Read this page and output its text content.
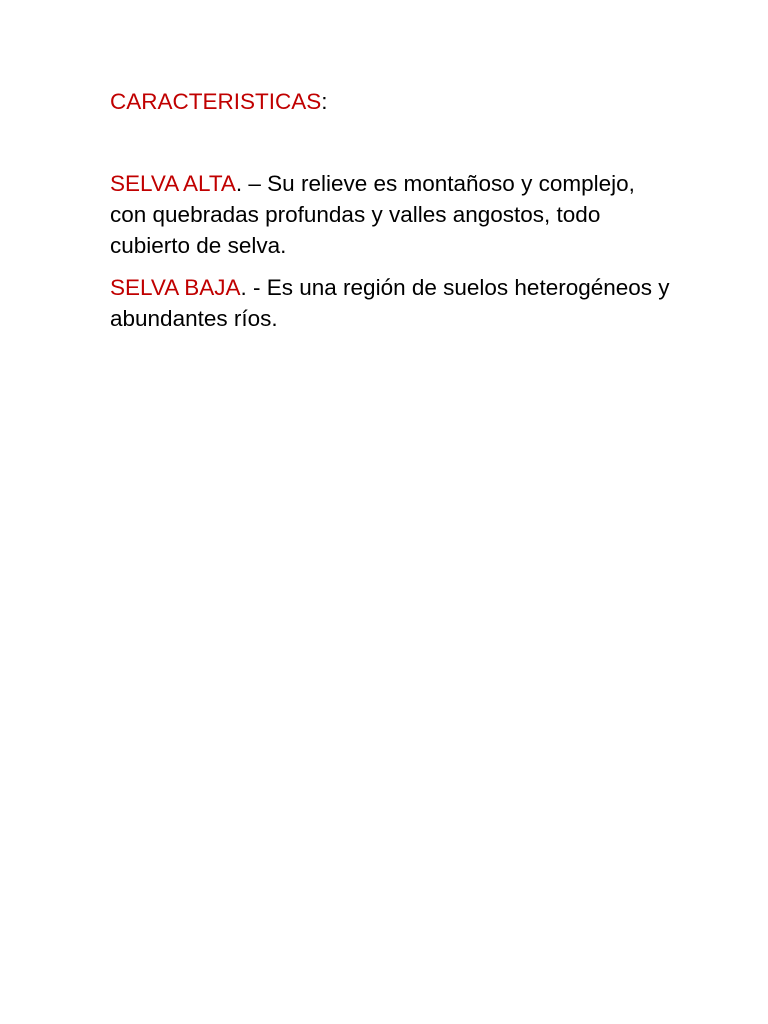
CARACTERISTICAS:

SELVA ALTA. – Su relieve es montañoso y complejo, con quebradas profundas y valles angostos, todo cubierto de selva.

SELVA BAJA. - Es una región de suelos heterogéneos y abundantes ríos.
